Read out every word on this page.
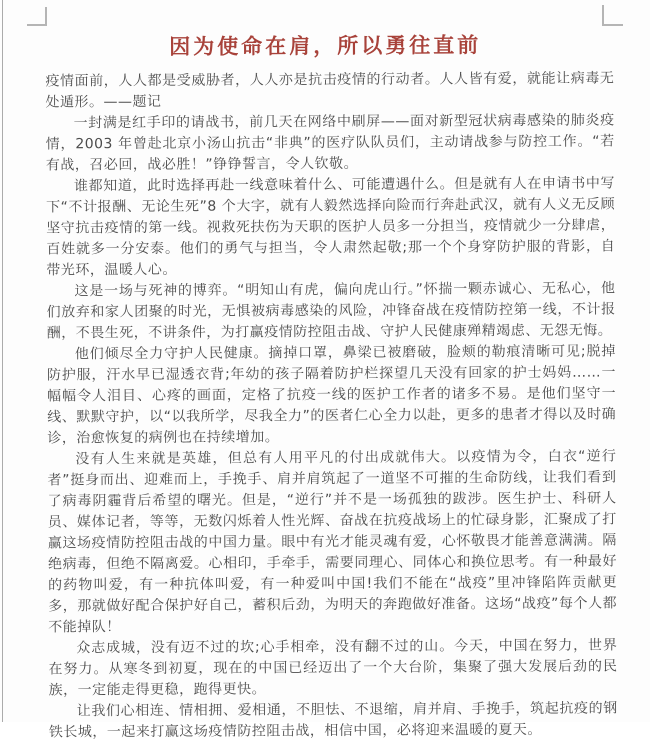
因为使命在肩，所以勇往直前

疫情面前，人人都是受威胁者，人人亦是抗击疫情的行动者。人人皆有爱，就能让病毒无处遁形。——题记

一封满是红手印的请战书，前几天在网络中刷屏——面对新型冠状病毒感染的肺炎疫情，2003 年曾赴北京小汤山抗击“非典”的医疗队队员们，主动请战参与防控工作。“若有战，召必回，战必胜！”铮铮誓言，令人钦敬。

谁都知道，此时选择再赴一线意味着什么、可能遭遇什么。但是就有人在申请书中写下“不计报酬、无论生死”8 个大字，就有人毅然选择向险而行奔赴武汉，就有人义无反顾坚守抗击疫情的第一线。视救死扶伤为天职的医护人员多一分担当，疫情就少一分肆虐，百姓就多一分安泰。他们的勇气与担当，令人肃然起敬;那一个个身穿防护服的背影，自带光环，温暖人心。

这是一场与死神的博弈。“明知山有虎，偏向虎山行。”怀揣一颗赤诚心、无私心，他们放弃和家人团聚的时光，无惧被病毒感染的风险，冲锋奋战在疫情防控第一线，不计报酬，不畏生死，不讲条件，为打赢疫情防控阻击战、守护人民健康殚精竭虑、无怨无悔。

他们倾尽全力守护人民健康。摘掉口罩，鼻梁已被磨破，脸颊的勒痕清晰可见;脱掉防护服，汗水早已湿透衣背;年幼的孩子隔着防护栏探望几天没有回家的护士妈妈……一幅幅令人泪目、心疼的画面，定格了抗疫一线的医护工作者的诸多不易。是他们坚守一线、默默守护，以“以我所学，尽我全力”的医者仁心全力以赴，更多的患者才得以及时确诊，治愈恢复的病例也在持续增加。

没有人生来就是英雄，但总有人用平凡的付出成就伟大。以疫情为令，白衣“逆行者”挺身而出、迎难而上，手挽手、肩并肩筑起了一道坚不可摧的生命防线，让我们看到了病毒阴霾背后希望的曙光。但是，“逆行”并不是一场孤独的跋涉。医生护士、科研人员、媒体记者，等等，无数闪烁着人性光辉、奋战在抗疫战场上的忙碌身影，汇聚成了打赢这场疫情防控阻击战的中国力量。眼中有光才能灵魂有爱，心怀敬畏才能善意满满。隔绝病毒，但绝不隔离爱。心相印，手牵手，需要同理心、同体心和换位思考。有一种最好的药物叫爱，有一种抗体叫爱，有一种爱叫中国!我们不能在“战疫”里冲锋陷阵贡献更多，那就做好配合保护好自己，蓄积后劲，为明天的奔跑做好准备。这场“战疫”每个人都不能掉队！

众志成城，没有迈不过的坎;心手相牵，没有翻不过的山。今天，中国在努力，世界在努力。从寒冬到初夏，现在的中国已经迈出了一个大台阶，集聚了强大发展后劲的民族，一定能走得更稳，跑得更快。

让我们心相连、情相拥、爱相通，不胆怯、不退缩，肩并肩、手挽手，筑起抗疫的钢铁长城，一起来打赢这场疫情防控阻击战，相信中国，必将迎来温暖的夏天。
